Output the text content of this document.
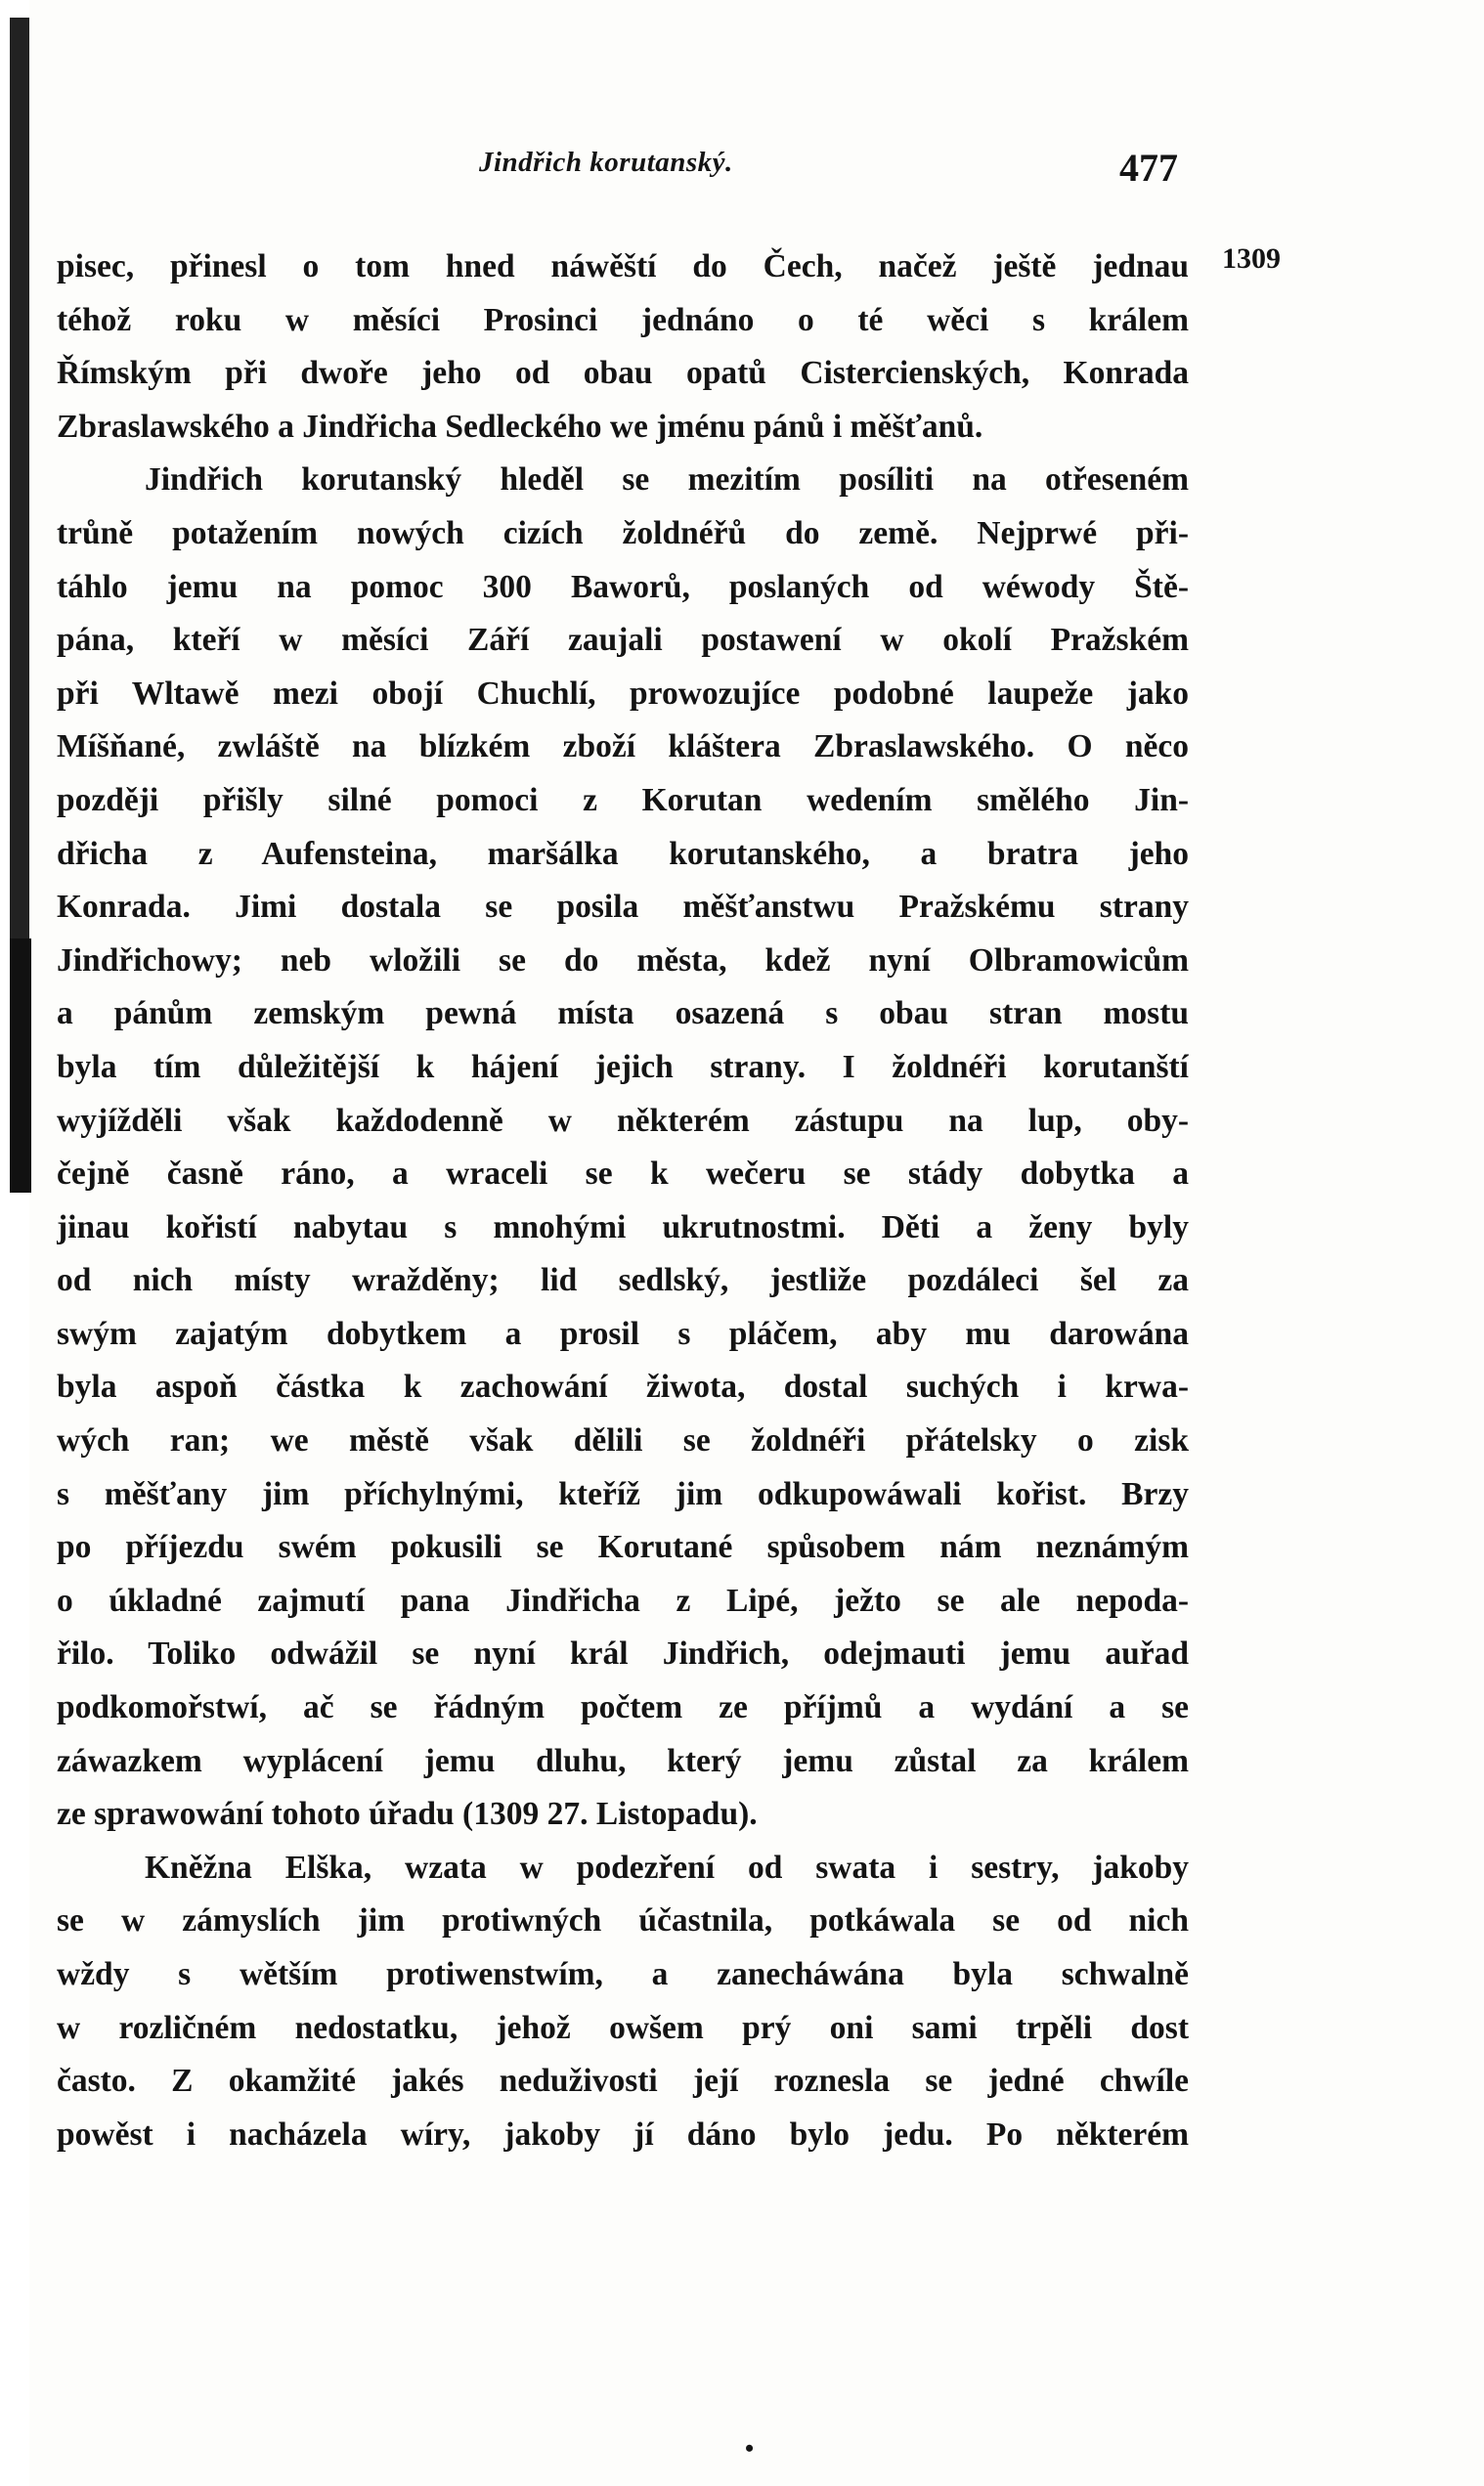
Jindřich korutanský.	477
1309
pisec, přinesl o tom hned náwěští do Čech, načež ještě jednau
téhož roku w měsíci Prosinci jednáno o té wěci s králem
Římským při dwoře jeho od obau opatů Cistercienských, Konrada
Zbraslawského a Jindřicha Sedleckého we jménu pánů i měšťanů.
Jindřich korutanský hleděl se mezitím posíliti na otřeseném
trůně potažením nowých cizích žoldnéřů do země. Nejprwé při-
táhlo jemu na pomoc 300 Baworů, poslaných od wéwody Ště-
pána, kteří w měsíci Září zaujali postawení w okolí Pražském
při Wltawě mezi obojí Chuchlí, prowozujíce podobné laupeže jako
Míšňané, zwláště na blízkém zboží kláštera Zbraslawského. O něco
později přišly silné pomoci z Korutan wedením smělého Jin-
dřicha z Aufensteina, maršálka korutanského, a bratra jeho
Konrada. Jimi dostala se posila měšťanstwu Pražskému strany
Jindřichowy; neb wložili se do města, kdež nyní Olbramowicům
a pánům zemským pewná místa osazená s obau stran mostu
byla tím důležitější k hájení jejich strany. I žoldnéři korutanští
wyjížděli však každodenně w některém zástupu na lup, oby-
čejně časně ráno, a wraceli se k wečeru se stády dobytka a
jinau kořistí nabytau s mnohými ukrutnostmi. Děti a ženy byly
od nich místy wražděny; lid sedlský, jestliže pozdáleci šel za
swým zajatým dobytkem a prosil s pláčem, aby mu darowána
byla aspoň částka k zachowání žiwota, dostal suchých i krwa-
wých ran; we městě však dělili se žoldnéři přátelsky o zisk
s měšťany jim příchylnými, kteříž jim odkupowáwali kořist. Brzy
po příjezdu swém pokusili se Korutané spůsobem nám neznámým
o úkladné zajmutí pana Jindřicha z Lipé, ježto se ale nepoda-
řilo. Toliko odwážil se nyní král Jindřich, odejmauti jemu auřad
podkomořstwí, ač se řádným počtem ze příjmů a wydání a se
záwazkem wyplácení jemu dluhu, který jemu zůstal za králem
ze sprawowání tohoto úřadu (1309 27. Listopadu).
Kněžna Elška, wzata w podezření od swata i sestry, jakoby
se w zámyslích jim protiwných účastnila, potkáwala se od nich
wždy s wětším protiwenstwím, a zanecháwána byla schwalně
w rozličném nedostatku, jehož owšem prý oni sami trpěli dost
často. Z okamžité jakés neduživosti její roznesla se jedné chwíle
powěst i nacházela wíry, jakoby jí dáno bylo jedu. Po některém
•
